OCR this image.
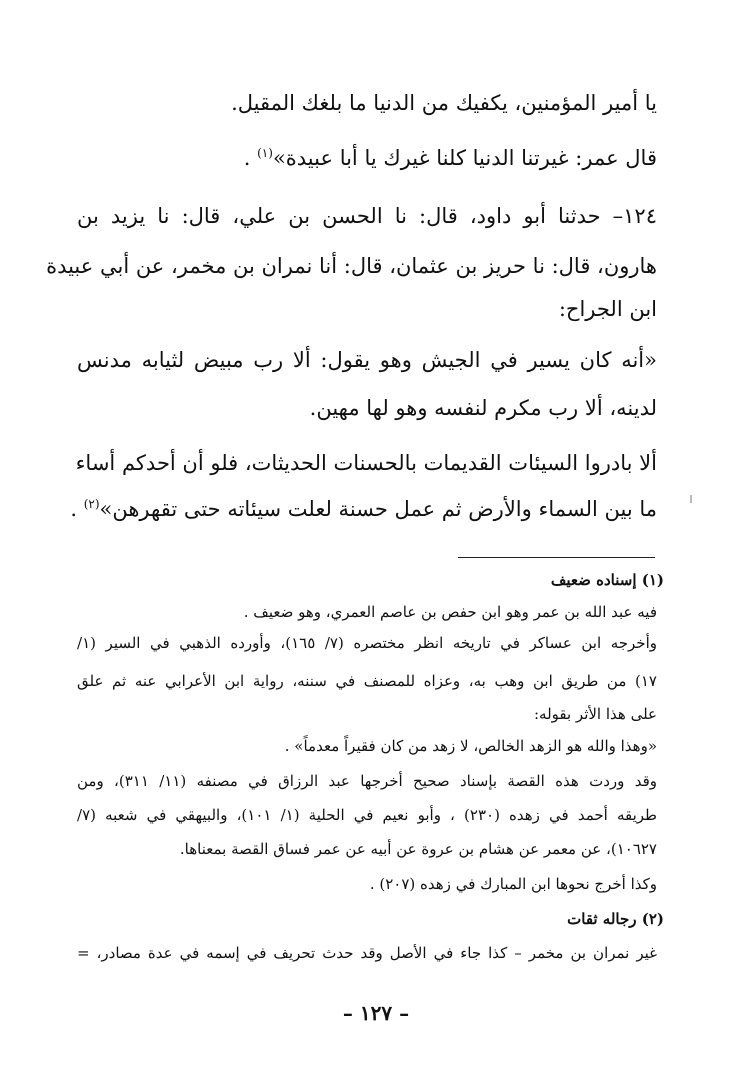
يا أمير المؤمنين، يكفيك من الدنيا ما بلغك المقيل.
قال عمر: غيرتنا الدنيا كلنا غيرك يا أبا عبيدة»$^{(١)}$ .
١٢٤– حدثنا أبو داود، قال: نا الحسن بن علي، قال: نا يزيد بن
هارون، قال: نا حريز بن عثمان، قال: أنا نمران بن مخمر، عن أبي عبيدة
ابن الجراح:
«أنه كان يسير في الجيش وهو يقول: ألا رب مبيض لثيابه مدنس
لدينه، ألا رب مكرم لنفسه وهو لها مهين.
ألا بادروا السيئات القديمات بالحسنات الحديثات، فلو أن أحدكم أساء
ما بين السماء والأرض ثم عمل حسنة لعلت سيئاته حتى تقهرهن»$^{(٢)}$ .
(١) إسناده ضعيف
فيه عبد الله بن عمر وهو ابن حفص بن عاصم العمري، وهو ضعيف .
وأخرجه ابن عساكر في تاريخه انظر مختصره (٧/ ١٦٥)، وأورده الذهبي في السير (١/
١٧) من طريق ابن وهب به، وعزاه للمصنف في سننه، رواية ابن الأعرابي عنه ثم علق
على هذا الأثر بقوله:
«وهذا والله هو الزهد الخالص، لا زهد من كان فقيراً معدماً» .
وقد وردت هذه القصة بإسناد صحيح أخرجها عبد الرزاق في مصنفه (١١/ ٣١١)، ومن
طريقه أحمد في زهده (٢٣٠) ، وأبو نعيم في الحلية (١/ ١٠١)، والبيهقي في شعبه (٧/
١٠٦٢٧)، عن معمر عن هشام بن عروة عن أبيه عن عمر فساق القصة بمعناها.
وكذا أخرج نحوها ابن المبارك في زهده (٢٠٧) .
(٢) رجاله ثقات
غير نمران بن مخمر – كذا جاء في الأصل وقد حدث تحريف في إسمه في عدة مصادر، =
– ١٢٧ –
